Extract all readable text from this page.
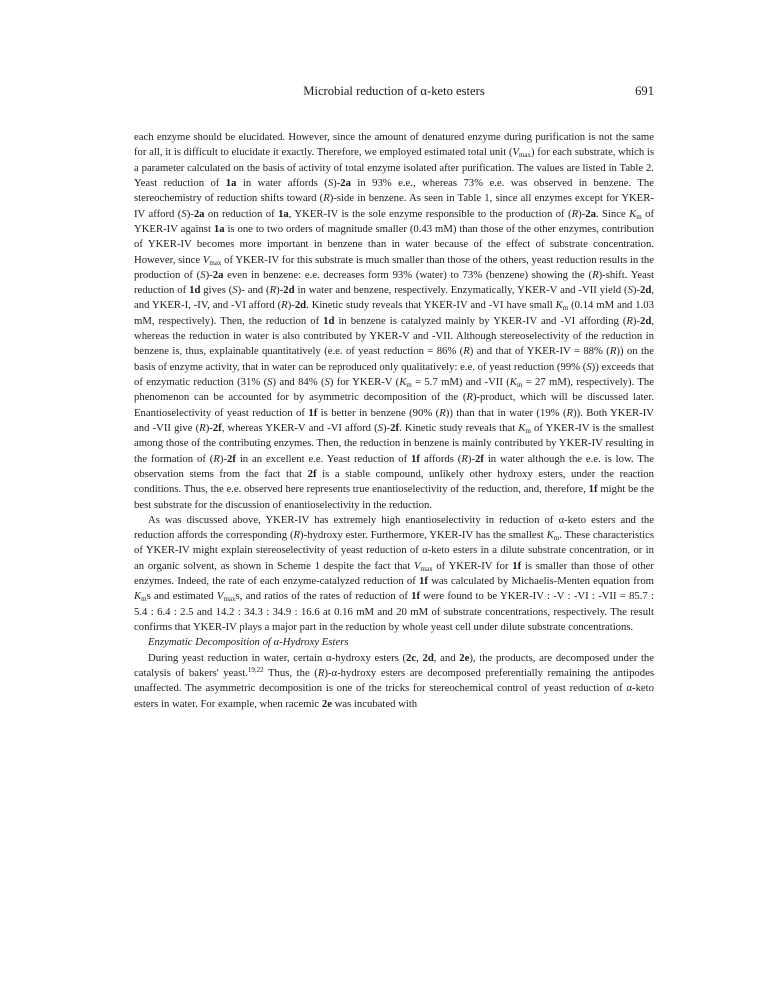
Microbial reduction of α-keto esters	691

each enzyme should be elucidated. However, since the amount of denatured enzyme during purification is not the same for all, it is difficult to elucidate it exactly. Therefore, we employed estimated total unit $(V_{max})$ for each substrate, which is a parameter calculated on the basis of activity of total enzyme isolated after purification. The values are listed in Table 2. Yeast reduction of 1a in water affords (S)-2a in 93% e.e., whereas 73% e.e. was observed in benzene. The stereochemistry of reduction shifts toward (R)-side in benzene. As seen in Table 1, since all enzymes except for YKER-IV afford (S)-2a on reduction of 1a, YKER-IV is the sole enzyme responsible to the production of (R)-2a. Since $K_m$ of YKER-IV against 1a is one to two orders of magnitude smaller (0.43 mM) than those of the other enzymes, contribution of YKER-IV becomes more important in benzene than in water because of the effect of substrate concentration. However, since $V_{max}$ of YKER-IV for this substrate is much smaller than those of the others, yeast reduction results in the production of (S)-2a even in benzene: e.e. decreases form 93% (water) to 73% (benzene) showing the (R)-shift. Yeast reduction of 1d gives (S)- and (R)-2d in water and benzene, respectively. Enzymatically, YKER-V and -VII yield (S)-2d, and YKER-I, -IV, and -VI afford (R)-2d. Kinetic study reveals that YKER-IV and -VI have small $K_m$ (0.14 mM and 1.03 mM, respectively). Then, the reduction of 1d in benzene is catalyzed mainly by YKER-IV and -VI affording (R)-2d, whereas the reduction in water is also contributed by YKER-V and -VII. Although stereoselectivity of the reduction in benzene is, thus, explainable quantitatively (e.e. of yeast reduction = 86% (R) and that of YKER-IV = 88% (R)) on the basis of enzyme activity, that in water can be reproduced only qualitatively: e.e. of yeast reduction (99% (S)) exceeds that of enzymatic reduction (31% (S) and 84% (S) for YKER-V ($K_m = 5.7$ mM) and -VII ($K_m = 27$ mM), respectively). The phenomenon can be accounted for by asymmetric decomposition of the (R)-product, which will be discussed later. Enantioselectivity of yeast reduction of 1f is better in benzene (90% (R)) than that in water (19% (R)). Both YKER-IV and -VII give (R)-2f, whereas YKER-V and -VI afford (S)-2f. Kinetic study reveals that $K_m$ of YKER-IV is the smallest among those of the contributing enzymes. Then, the reduction in benzene is mainly contributed by YKER-IV resulting in the formation of (R)-2f in an excellent e.e. Yeast reduction of 1f affords (R)-2f in water although the e.e. is low. The observation stems from the fact that 2f is a stable compound, unlikely other hydroxy esters, under the reaction conditions. Thus, the e.e. observed here represents true enantioselectivity of the reduction, and, therefore, 1f might be the best substrate for the discussion of enantioselectivity in the reduction.

As was discussed above, YKER-IV has extremely high enantioselectivity in reduction of α-keto esters and the reduction affords the corresponding (R)-hydroxy ester. Furthermore, YKER-IV has the smallest $K_m$. These characteristics of YKER-IV might explain stereoselectivity of yeast reduction of α-keto esters in a dilute substrate concentration, or in an organic solvent, as shown in Scheme 1 despite the fact that $V_{max}$ of YKER-IV for 1f is smaller than those of other enzymes. Indeed, the rate of each enzyme-catalyzed reduction of 1f was calculated by Michaelis-Menten equation from $K_ms$ and estimated $V_{max}s$, and ratios of the rates of reduction of 1f were found to be YKER-IV : -V : -VI : -VII = 85.7 : 5.4 : 6.4 : 2.5 and 14.2 : 34.3 : 34.9 : 16.6 at 0.16 mM and 20 mM of substrate concentrations, respectively. The result confirms that YKER-IV plays a major part in the reduction by whole yeast cell under dilute substrate concentrations.

Enzymatic Decomposition of α-Hydroxy Esters

During yeast reduction in water, certain α-hydroxy esters (2c, 2d, and 2e), the products, are decomposed under the catalysis of bakers' yeast.$^{19,22}$ Thus, the (R)-α-hydroxy esters are decomposed preferentially remaining the antipodes unaffected. The asymmetric decomposition is one of the tricks for stereochemical control of yeast reduction of α-keto esters in water. For example, when racemic 2e was incubated with
